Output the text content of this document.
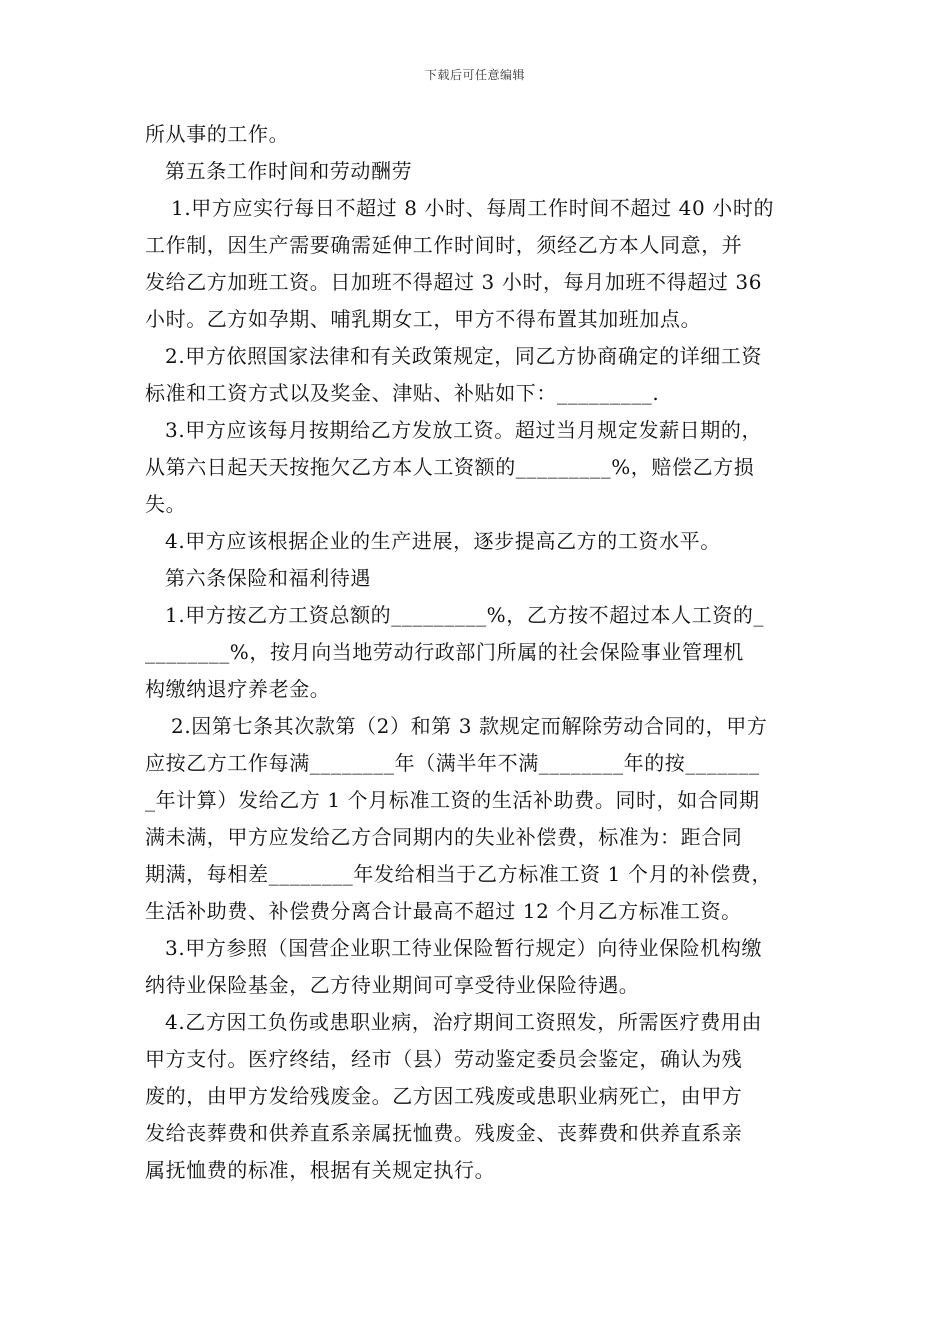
下载后可任意编辑
所从事的工作。
第五条工作时间和劳动酬劳
1.甲方应实行每日不超过 8 小时、每周工作时间不超过 40 小时的
工作制，因生产需要确需延伸工作时间时，须经乙方本人同意，并
发给乙方加班工资。日加班不得超过 3 小时，每月加班不得超过 36
小时。乙方如孕期、哺乳期女工，甲方不得布置其加班加点。
2.甲方依照国家法律和有关政策规定，同乙方协商确定的详细工资
标准和工资方式以及奖金、津贴、补贴如下：_________.
3.甲方应该每月按期给乙方发放工资。超过当月规定发薪日期的，
从第六日起天天按拖欠乙方本人工资额的_________%，赔偿乙方损
失。
4.甲方应该根据企业的生产进展，逐步提高乙方的工资水平。
第六条保险和福利待遇
1.甲方按乙方工资总额的_________%，乙方按不超过本人工资的_
________%，按月向当地劳动行政部门所属的社会保险事业管理机
构缴纳退疗养老金。
2.因第七条其次款第（2）和第 3 款规定而解除劳动合同的，甲方
应按乙方工作每满________年（满半年不满________年的按_______
_年计算）发给乙方 1 个月标准工资的生活补助费。同时，如合同期
满未满，甲方应发给乙方合同期内的失业补偿费，标准为：距合同
期满，每相差________年发给相当于乙方标准工资 1 个月的补偿费，
生活补助费、补偿费分离合计最高不超过 12 个月乙方标准工资。
3.甲方参照（国营企业职工待业保险暂行规定）向待业保险机构缴
纳待业保险基金，乙方待业期间可享受待业保险待遇。
4.乙方因工负伤或患职业病，治疗期间工资照发，所需医疗费用由
甲方支付。医疗终结，经市（县）劳动鉴定委员会鉴定，确认为残
废的，由甲方发给残废金。乙方因工残废或患职业病死亡，由甲方
发给丧葬费和供养直系亲属抚恤费。残废金、丧葬费和供养直系亲
属抚恤费的标准，根据有关规定执行。
